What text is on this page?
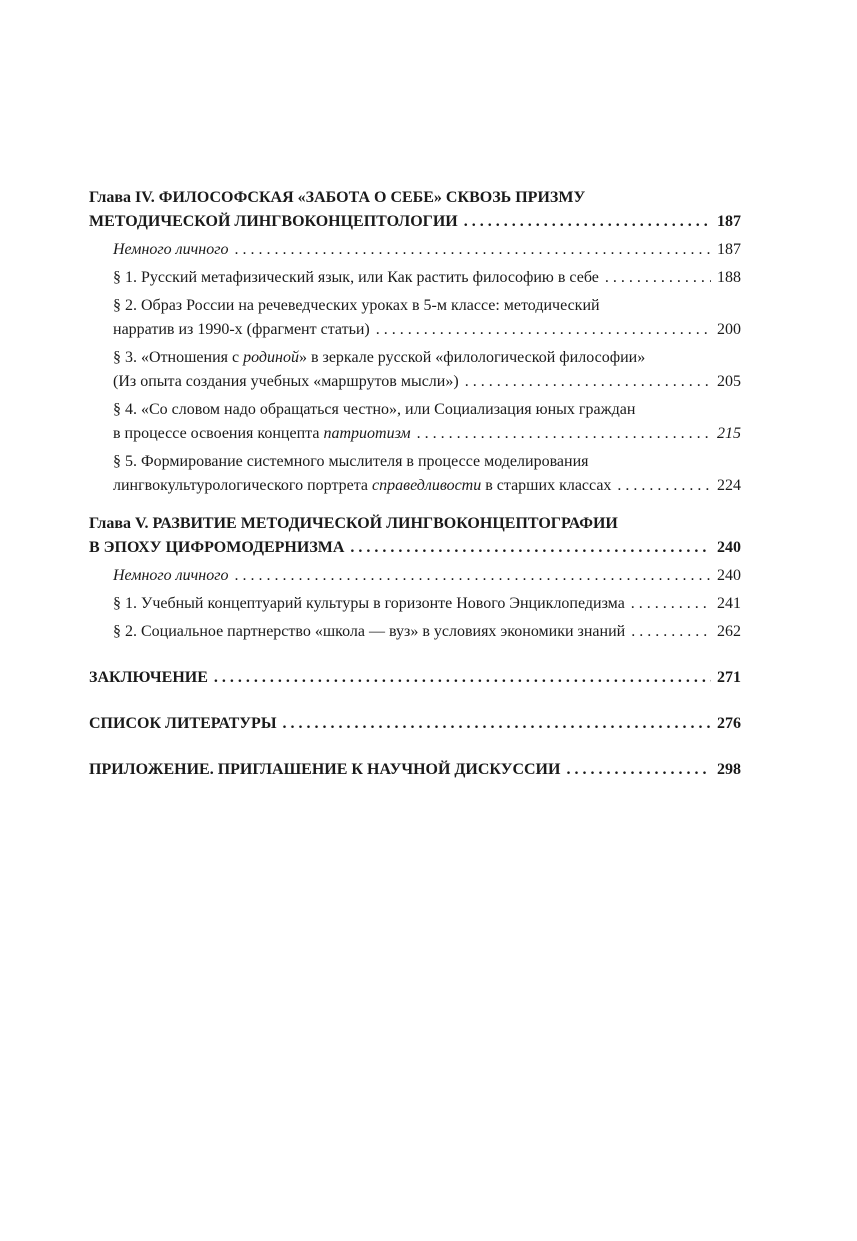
Глава IV. ФИЛОСОФСКАЯ «ЗАБОТА О СЕБЕ» СКВОЗЬ ПРИЗМУ
МЕТОДИЧЕСКОЙ ЛИНГВОКОНЦЕПТОЛОГИИ . . .	187
Немного личного . . .	187
§ 1. Русский метафизический язык, или Как растить философию в себе . . .	188
§ 2. Образ России на речеведческих уроках в 5-м классе: методический
нарратив из 1990-х (фрагмент статьи) . . .	200
§ 3. «Отношения с родиной» в зеркале русской «филологической философии»
(Из опыта создания учебных «маршрутов мысли») . . .	205
§ 4. «Со словом надо обращаться честно», или Социализация юных граждан
в процессе освоения концепта патриотизм . . .	215
§ 5. Формирование системного мыслителя в процессе моделирования
лингвокультурологического портрета справедливости в старших классах . . .	224
Глава V. РАЗВИТИЕ МЕТОДИЧЕСКОЙ ЛИНГВОКОНЦЕПТОГРАФИИ
В ЭПОХУ ЦИФРОМОДЕРНИЗМА . . .	240
Немного личного . . .	240
§ 1. Учебный концептуарий культуры в горизонте Нового Энциклопедизма . . .	241
§ 2. Социальное партнерство «школа — вуз» в условиях экономики знаний . . .	262
ЗАКЛЮЧЕНИЕ . . .	271
СПИСОК ЛИТЕРАТУРЫ . . .	276
ПРИЛОЖЕНИЕ. ПРИГЛАШЕНИЕ К НАУЧНОЙ ДИСКУССИИ . . .	298
